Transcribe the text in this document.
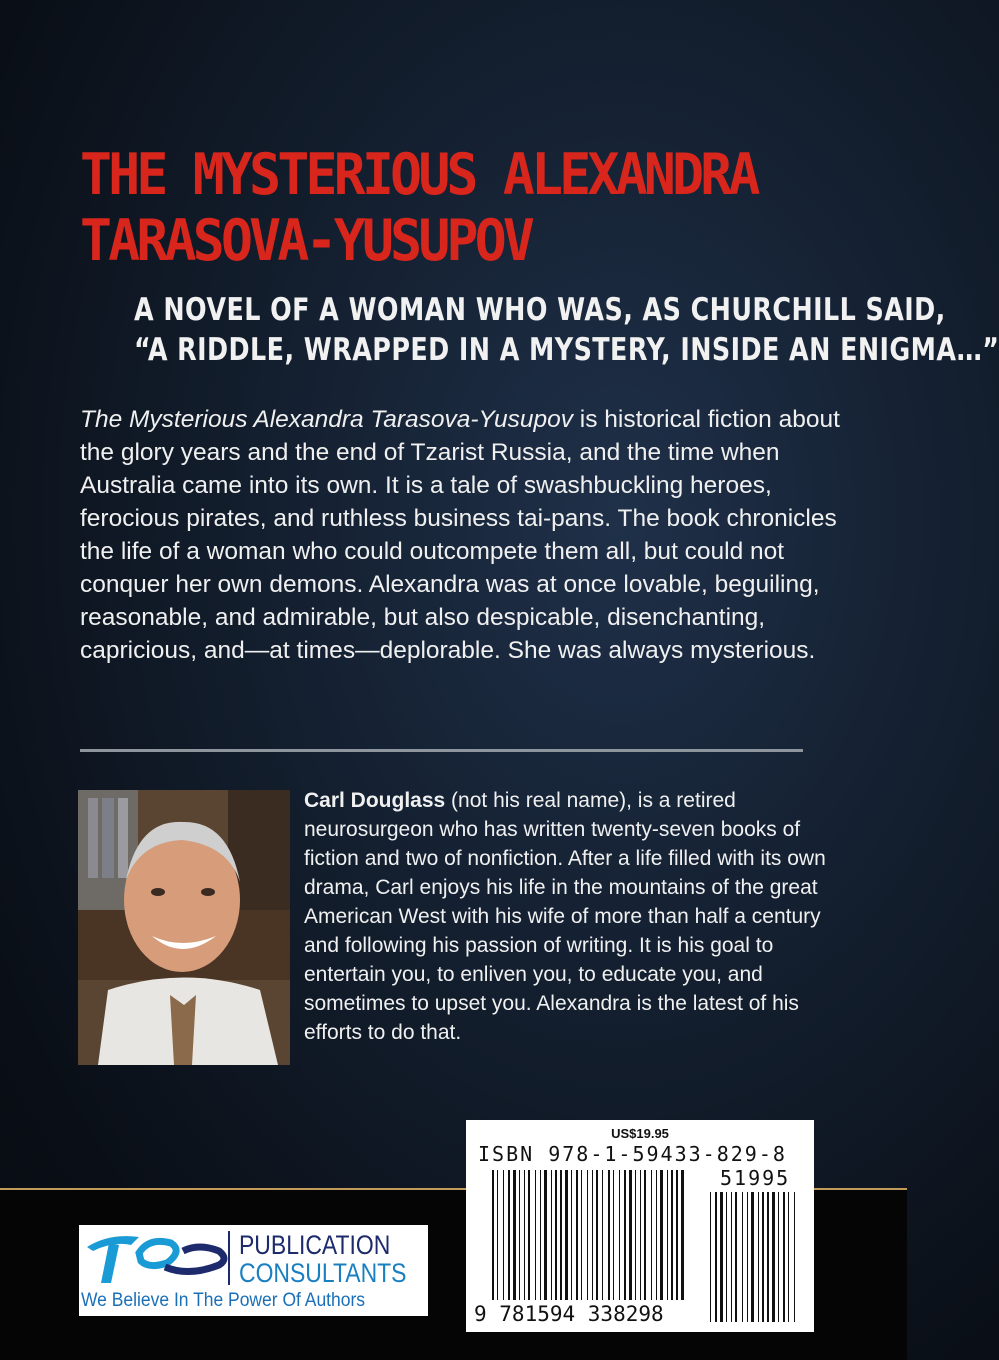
THE MYSTERIOUS ALEXANDRA
TARASOVA-YUSUPOV
A NOVEL OF A WOMAN WHO WAS, AS CHURCHILL SAID,
“A RIDDLE, WRAPPED IN A MYSTERY, INSIDE AN ENIGMA…”

The Mysterious Alexandra Tarasova-Yusupov is historical fiction about the glory years and the end of Tzarist Russia, and the time when Australia came into its own. It is a tale of swashbuckling heroes, ferocious pirates, and ruthless business tai-pans. The book chronicles the life of a woman who could outcompete them all, but could not conquer her own demons. Alexandra was at once lovable, beguiling, reasonable, and admirable, but also despicable, disenchanting, capricious, and—at times—deplorable. She was always mysterious.

Carl Douglass (not his real name), is a retired neurosurgeon who has written twenty-seven books of fiction and two of nonfiction. After a life filled with its own drama, Carl enjoys his life in the mountains of the great American West with his wife of more than half a century and following his passion of writing. It is his goal to entertain you, to enliven you, to educate you, and sometimes to upset you. Alexandra is the latest of his efforts to do that.

PUBLICATION
CONSULTANTS
We Believe In The Power Of Authors
US$19.95
ISBN 978-1-59433-829-8
51995
9 781594 338298
